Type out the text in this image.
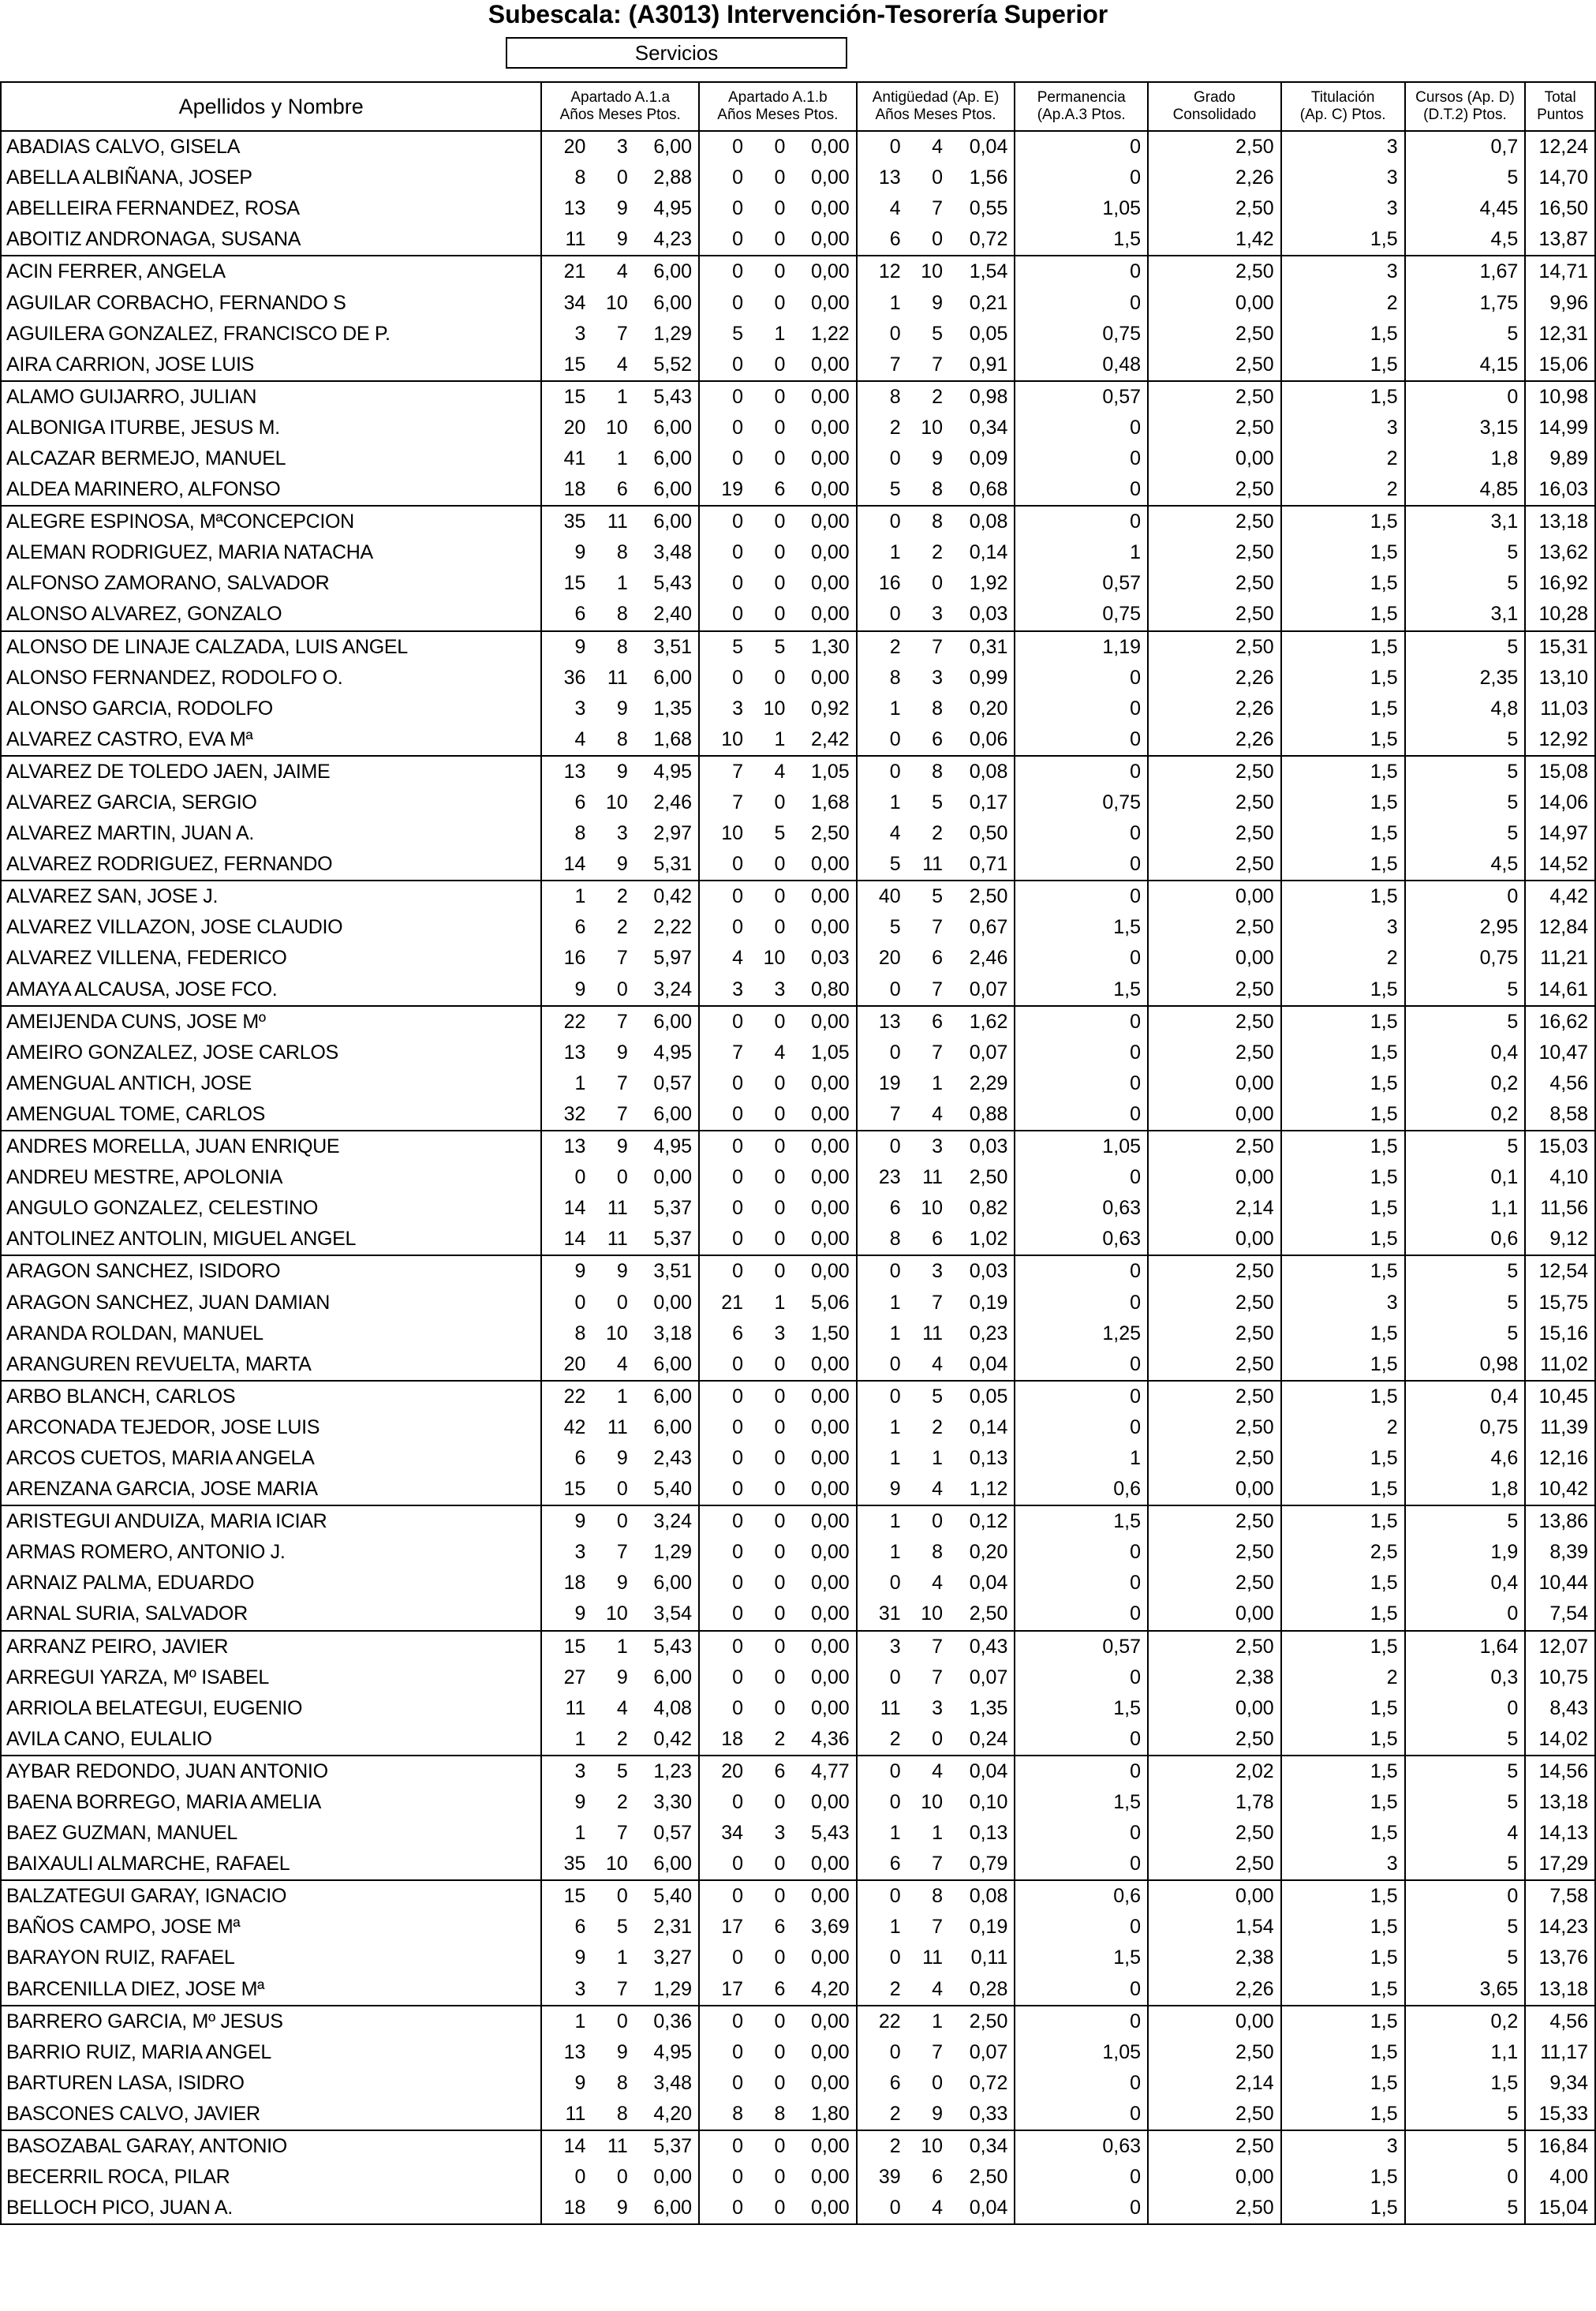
Subescala: (A3013) Intervención-Tesorería Superior
Servicios
Apellidos y Nombre	Apartado A.1.a
Años Meses Ptos.			Apartado A.1.b
Años Meses Ptos.			Antigüedad (Ap. E)
Años Meses Ptos.			Permanencia
(Ap.A.3 Ptos.	Grado
Consolidado	Titulación
(Ap. C) Ptos.	Cursos (Ap. D)
(D.T.2) Ptos.	Total
Puntos

ABADIAS CALVO, GISELA	20	3	6,00	0	0	0,00	0	4	0,04	0	2,50	3	0,7	12,24
ABELLA ALBIÑANA, JOSEP	8	0	2,88	0	0	0,00	13	0	1,56	0	2,26	3	5	14,70
ABELLEIRA FERNANDEZ, ROSA	13	9	4,95	0	0	0,00	4	7	0,55	1,05	2,50	3	4,45	16,50
ABOITIZ ANDRONAGA, SUSANA	11	9	4,23	0	0	0,00	6	0	0,72	1,5	1,42	1,5	4,5	13,87
ACIN FERRER, ANGELA	21	4	6,00	0	0	0,00	12	10	1,54	0	2,50	3	1,67	14,71
AGUILAR CORBACHO, FERNANDO S	34	10	6,00	0	0	0,00	1	9	0,21	0	0,00	2	1,75	9,96
AGUILERA GONZALEZ, FRANCISCO DE P.	3	7	1,29	5	1	1,22	0	5	0,05	0,75	2,50	1,5	5	12,31
AIRA CARRION, JOSE LUIS	15	4	5,52	0	0	0,00	7	7	0,91	0,48	2,50	1,5	4,15	15,06
ALAMO GUIJARRO, JULIAN	15	1	5,43	0	0	0,00	8	2	0,98	0,57	2,50	1,5	0	10,98
ALBONIGA ITURBE, JESUS M.	20	10	6,00	0	0	0,00	2	10	0,34	0	2,50	3	3,15	14,99
ALCAZAR BERMEJO, MANUEL	41	1	6,00	0	0	0,00	0	9	0,09	0	0,00	2	1,8	9,89
ALDEA MARINERO, ALFONSO	18	6	6,00	19	6	0,00	5	8	0,68	0	2,50	2	4,85	16,03
ALEGRE ESPINOSA, MªCONCEPCION	35	11	6,00	0	0	0,00	0	8	0,08	0	2,50	1,5	3,1	13,18
ALEMAN RODRIGUEZ, MARIA NATACHA	9	8	3,48	0	0	0,00	1	2	0,14	1	2,50	1,5	5	13,62
ALFONSO ZAMORANO, SALVADOR	15	1	5,43	0	0	0,00	16	0	1,92	0,57	2,50	1,5	5	16,92
ALONSO ALVAREZ, GONZALO	6	8	2,40	0	0	0,00	0	3	0,03	0,75	2,50	1,5	3,1	10,28
ALONSO DE LINAJE CALZADA, LUIS ANGEL	9	8	3,51	5	5	1,30	2	7	0,31	1,19	2,50	1,5	5	15,31
ALONSO FERNANDEZ, RODOLFO O.	36	11	6,00	0	0	0,00	8	3	0,99	0	2,26	1,5	2,35	13,10
ALONSO GARCIA, RODOLFO	3	9	1,35	3	10	0,92	1	8	0,20	0	2,26	1,5	4,8	11,03
ALVAREZ CASTRO, EVA Mª	4	8	1,68	10	1	2,42	0	6	0,06	0	2,26	1,5	5	12,92
ALVAREZ DE TOLEDO JAEN, JAIME	13	9	4,95	7	4	1,05	0	8	0,08	0	2,50	1,5	5	15,08
ALVAREZ GARCIA, SERGIO	6	10	2,46	7	0	1,68	1	5	0,17	0,75	2,50	1,5	5	14,06
ALVAREZ MARTIN, JUAN A.	8	3	2,97	10	5	2,50	4	2	0,50	0	2,50	1,5	5	14,97
ALVAREZ RODRIGUEZ, FERNANDO	14	9	5,31	0	0	0,00	5	11	0,71	0	2,50	1,5	4,5	14,52
ALVAREZ SAN, JOSE J.	1	2	0,42	0	0	0,00	40	5	2,50	0	0,00	1,5	0	4,42
ALVAREZ VILLAZON, JOSE CLAUDIO	6	2	2,22	0	0	0,00	5	7	0,67	1,5	2,50	3	2,95	12,84
ALVAREZ VILLENA, FEDERICO	16	7	5,97	4	10	0,03	20	6	2,46	0	0,00	2	0,75	11,21
AMAYA ALCAUSA, JOSE FCO.	9	0	3,24	3	3	0,80	0	7	0,07	1,5	2,50	1,5	5	14,61
AMEIJENDA CUNS, JOSE Mº	22	7	6,00	0	0	0,00	13	6	1,62	0	2,50	1,5	5	16,62
AMEIRO GONZALEZ, JOSE CARLOS	13	9	4,95	7	4	1,05	0	7	0,07	0	2,50	1,5	0,4	10,47
AMENGUAL ANTICH, JOSE	1	7	0,57	0	0	0,00	19	1	2,29	0	0,00	1,5	0,2	4,56
AMENGUAL TOME, CARLOS	32	7	6,00	0	0	0,00	7	4	0,88	0	0,00	1,5	0,2	8,58
ANDRES MORELLA, JUAN ENRIQUE	13	9	4,95	0	0	0,00	0	3	0,03	1,05	2,50	1,5	5	15,03
ANDREU MESTRE, APOLONIA	0	0	0,00	0	0	0,00	23	11	2,50	0	0,00	1,5	0,1	4,10
ANGULO GONZALEZ, CELESTINO	14	11	5,37	0	0	0,00	6	10	0,82	0,63	2,14	1,5	1,1	11,56
ANTOLINEZ ANTOLIN, MIGUEL ANGEL	14	11	5,37	0	0	0,00	8	6	1,02	0,63	0,00	1,5	0,6	9,12
ARAGON SANCHEZ, ISIDORO	9	9	3,51	0	0	0,00	0	3	0,03	0	2,50	1,5	5	12,54
ARAGON SANCHEZ, JUAN DAMIAN	0	0	0,00	21	1	5,06	1	7	0,19	0	2,50	3	5	15,75
ARANDA ROLDAN, MANUEL	8	10	3,18	6	3	1,50	1	11	0,23	1,25	2,50	1,5	5	15,16
ARANGUREN REVUELTA, MARTA	20	4	6,00	0	0	0,00	0	4	0,04	0	2,50	1,5	0,98	11,02
ARBO BLANCH, CARLOS	22	1	6,00	0	0	0,00	0	5	0,05	0	2,50	1,5	0,4	10,45
ARCONADA TEJEDOR, JOSE LUIS	42	11	6,00	0	0	0,00	1	2	0,14	0	2,50	2	0,75	11,39
ARCOS CUETOS, MARIA ANGELA	6	9	2,43	0	0	0,00	1	1	0,13	1	2,50	1,5	4,6	12,16
ARENZANA GARCIA, JOSE MARIA	15	0	5,40	0	0	0,00	9	4	1,12	0,6	0,00	1,5	1,8	10,42
ARISTEGUI ANDUIZA, MARIA ICIAR	9	0	3,24	0	0	0,00	1	0	0,12	1,5	2,50	1,5	5	13,86
ARMAS ROMERO, ANTONIO J.	3	7	1,29	0	0	0,00	1	8	0,20	0	2,50	2,5	1,9	8,39
ARNAIZ PALMA, EDUARDO	18	9	6,00	0	0	0,00	0	4	0,04	0	2,50	1,5	0,4	10,44
ARNAL SURIA, SALVADOR	9	10	3,54	0	0	0,00	31	10	2,50	0	0,00	1,5	0	7,54
ARRANZ PEIRO, JAVIER	15	1	5,43	0	0	0,00	3	7	0,43	0,57	2,50	1,5	1,64	12,07
ARREGUI YARZA, Mº ISABEL	27	9	6,00	0	0	0,00	0	7	0,07	0	2,38	2	0,3	10,75
ARRIOLA BELATEGUI, EUGENIO	11	4	4,08	0	0	0,00	11	3	1,35	1,5	0,00	1,5	0	8,43
AVILA CANO, EULALIO	1	2	0,42	18	2	4,36	2	0	0,24	0	2,50	1,5	5	14,02
AYBAR REDONDO, JUAN ANTONIO	3	5	1,23	20	6	4,77	0	4	0,04	0	2,02	1,5	5	14,56
BAENA BORREGO, MARIA AMELIA	9	2	3,30	0	0	0,00	0	10	0,10	1,5	1,78	1,5	5	13,18
BAEZ GUZMAN, MANUEL	1	7	0,57	34	3	5,43	1	1	0,13	0	2,50	1,5	4	14,13
BAIXAULI ALMARCHE, RAFAEL	35	10	6,00	0	0	0,00	6	7	0,79	0	2,50	3	5	17,29
BALZATEGUI GARAY, IGNACIO	15	0	5,40	0	0	0,00	0	8	0,08	0,6	0,00	1,5	0	7,58
BAÑOS CAMPO, JOSE Mª	6	5	2,31	17	6	3,69	1	7	0,19	0	1,54	1,5	5	14,23
BARAYON RUIZ, RAFAEL	9	1	3,27	0	0	0,00	0	11	0,11	1,5	2,38	1,5	5	13,76
BARCENILLA DIEZ, JOSE Mª	3	7	1,29	17	6	4,20	2	4	0,28	0	2,26	1,5	3,65	13,18
BARRERO GARCIA, Mº JESUS	1	0	0,36	0	0	0,00	22	1	2,50	0	0,00	1,5	0,2	4,56
BARRIO RUIZ, MARIA ANGEL	13	9	4,95	0	0	0,00	0	7	0,07	1,05	2,50	1,5	1,1	11,17
BARTUREN LASA, ISIDRO	9	8	3,48	0	0	0,00	6	0	0,72	0	2,14	1,5	1,5	9,34
BASCONES CALVO, JAVIER	11	8	4,20	8	8	1,80	2	9	0,33	0	2,50	1,5	5	15,33
BASOZABAL GARAY, ANTONIO	14	11	5,37	0	0	0,00	2	10	0,34	0,63	2,50	3	5	16,84
BECERRIL ROCA, PILAR	0	0	0,00	0	0	0,00	39	6	2,50	0	0,00	1,5	0	4,00
BELLOCH PICO, JUAN A.	18	9	6,00	0	0	0,00	0	4	0,04	0	2,50	1,5	5	15,04
